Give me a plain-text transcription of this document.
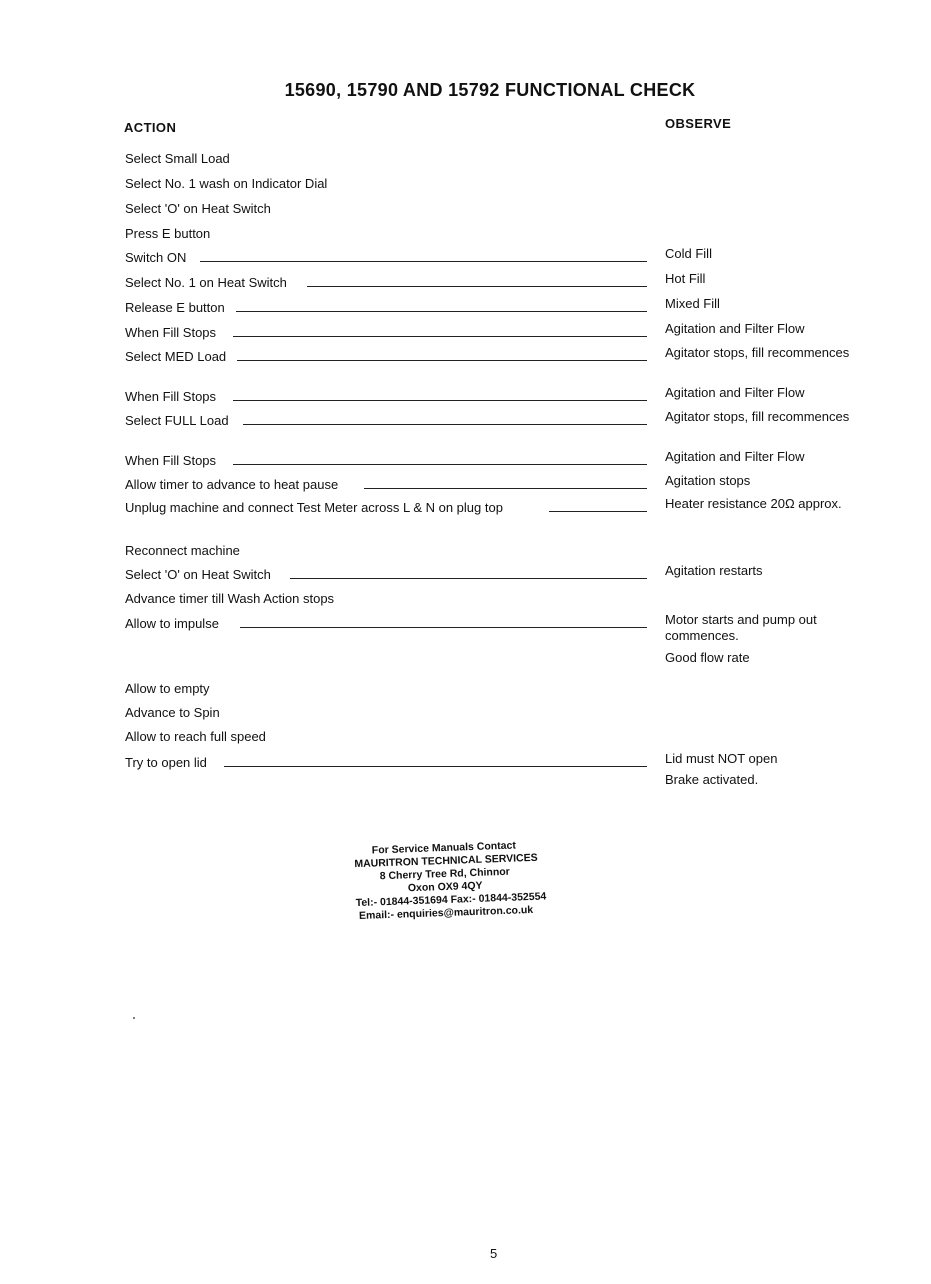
15690, 15790 AND 15792 FUNCTIONAL CHECK
ACTION	OBSERVE
Select Small Load
Select No. 1 wash on Indicator Dial
Select 'O' on Heat Switch
Press E button
Switch ON	Cold Fill
Select No. 1 on Heat Switch	Hot Fill
Release E button	Mixed Fill
When Fill Stops	Agitation and Filter Flow
Select MED Load	Agitator stops, fill recommences
When Fill Stops	Agitation and Filter Flow
Select FULL Load	Agitator stops, fill recommences
When Fill Stops	Agitation and Filter Flow
Allow timer to advance to heat pause	Agitation stops
Unplug machine and connect Test Meter across L & N on plug top	Heater resistance 20Ω approx.
Reconnect machine
Select 'O' on Heat Switch	Agitation restarts
Advance timer till Wash Action stops
Allow to impulse	Motor starts and pump out commences.
Good flow rate
Allow to empty
Advance to Spin
Allow to reach full speed
Try to open lid	Lid must NOT open
Brake activated.
For Service Manuals Contact
MAURITRON TECHNICAL SERVICES
8 Cherry Tree Rd, Chinnor
Oxon OX9 4QY
Tel:- 01844-351694 Fax:- 01844-352554
Email:- enquiries@mauritron.co.uk
5
